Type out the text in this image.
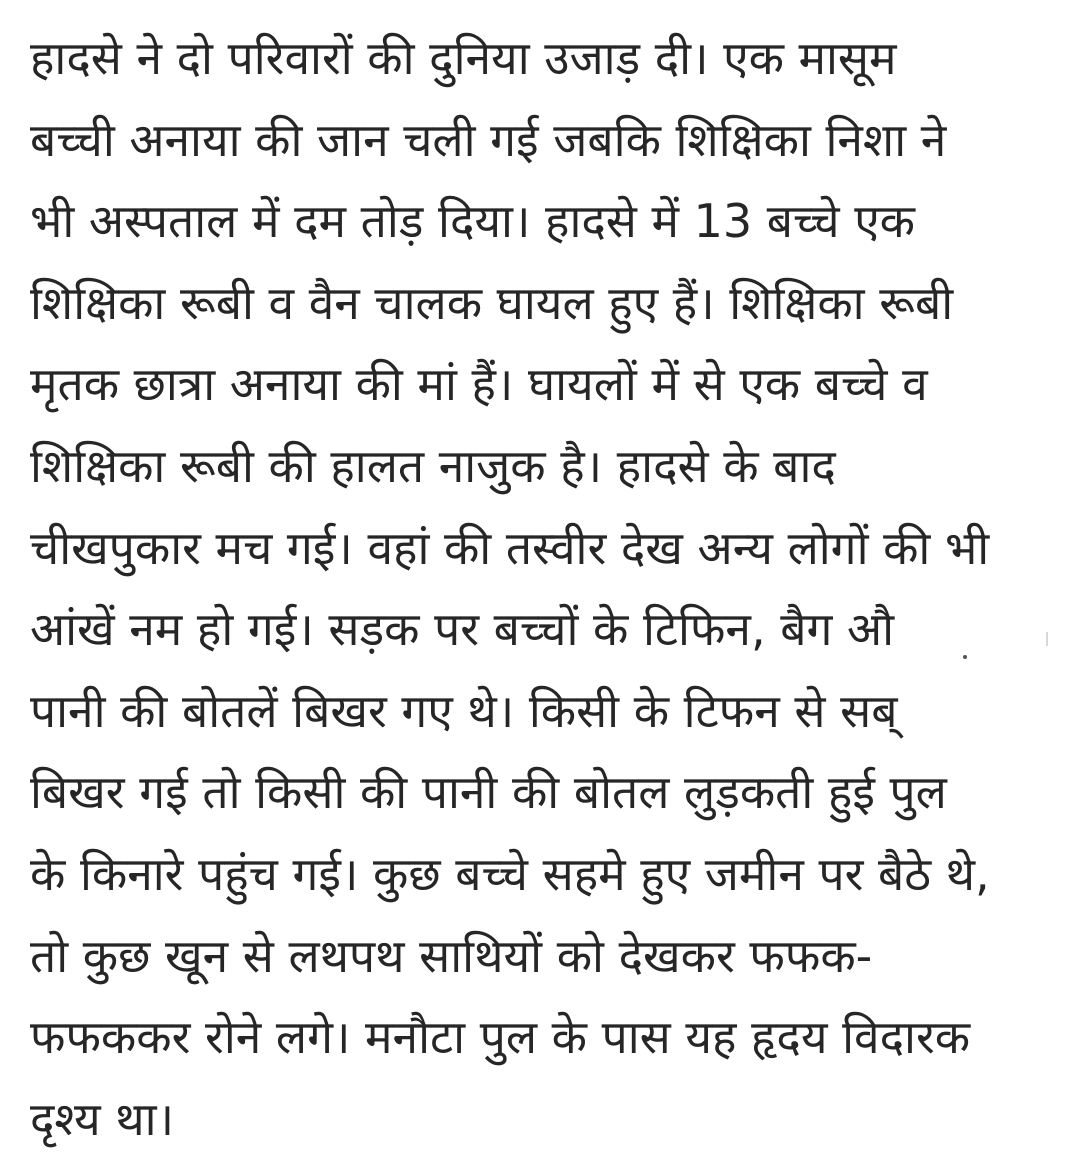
हादसे ने दो परिवारों की दुनिया उजाड़ दी। एक मासूम
बच्ची अनाया की जान चली गई जबकि शिक्षिका निशा ने
भी अस्पताल में दम तोड़ दिया। हादसे में 13 बच्चे एक
शिक्षिका रूबी व वैन चालक घायल हुए हैं। शिक्षिका रूबी
मृतक छात्रा अनाया की मां हैं। घायलों में से एक बच्चे व
शिक्षिका रूबी की हालत नाजुक है। हादसे के बाद
चीखपुकार मच गई। वहां की तस्वीर देख अन्य लोगों की भी
आंखें नम हो गई। सड़क पर बच्चों के टिफिन, बैग औ
पानी की बोतलें बिखर गए थे। किसी के टिफन से सब्
बिखर गई तो किसी की पानी की बोतल लुड़कती हुई पुल
के किनारे पहुंच गई। कुछ बच्चे सहमे हुए जमीन पर बैठे थे,
तो कुछ खून से लथपथ साथियों को देखकर फफक-
फफककर रोने लगे। मनौटा पुल के पास यह हृदय विदारक
दृश्य था।
